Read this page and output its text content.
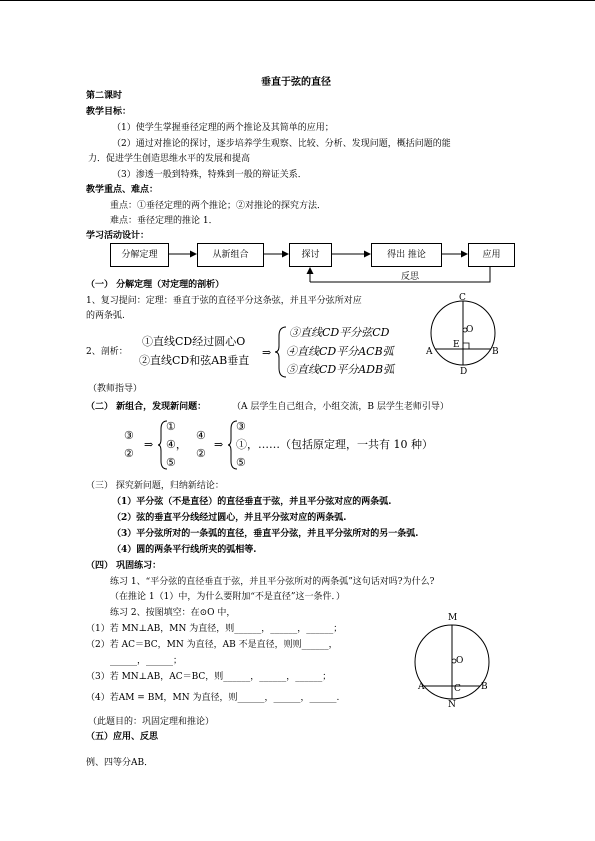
垂直于弦的直径
第二课时
教学目标：
（1）使学生掌握垂径定理的两个推论及其简单的应用；
（2）通过对推论的探讨，逐步培养学生观察、比较、分析、发现问题，概括问题的能
力．促进学生创造思维水平的发展和提高
（3）渗透一般到特殊，特殊到一般的辩证关系．
教学重点、难点：
重点：①垂径定理的两个推论；②对推论的探究方法．
难点：垂径定理的推论 1．
学习活动设计：
分解定理	从新组合	探讨	得出 推论	应用
反思
（一） 分解定理（对定理的剖析）
1、复习提问：定理：垂直于弦的直径平分这条弦，并且平分弦所对应
的两条弧.
2、剖析：
①直线CD经过圆心O
②直线CD和弦AB垂直
⇒
③直线CD平分弦CD
④直线CD平分ACB弧
⑤直线CD平分ADB弧
（教师指导）
C
O
E
A	B
D
（二） 新组合，发现新问题：	（A 层学生自己组合，小组交流，B 层学生老师引导）
③
②
⇒
①
④，
⑤
④
②
⇒
③
①，……（包括原定理，一共有 10 种）
⑤
（三） 探究新问题，归纳新结论：
（1）平分弦（不是直径）的直径垂直于弦，并且平分弦对应的两条弧.
（2）弦的垂直平分线经过圆心，并且平分弦对应的两条弧.
（3）平分弦所对的一条弧的直径，垂直平分弦，并且平分弦所对的另一条弧.
（4）圆的两条平行线所夹的弧相等.
（四） 巩固练习：
练习 1、“平分弦的直径垂直于弦，并且平分弦所对的两条弧”这句话对吗?为什么?
（在推论 1（1）中，为什么要附加“不是直径”这一条件．）
练习 2、按图填空：在⊙O 中，
（1）若 MN⊥AB，MN 为直径，则______，______，______；
（2）若 AC＝BC，MN 为直径，AB 不是直径，则则______，
______，______；
（3）若 MN⊥AB，AC＝BC，则______，______，______；
（4）若AM = BM，MN 为直径，则______，______，______.
（此题目的：巩固定理和推论）
M
O
A	C B
N
（五）应用、反思
例、四等分AB．
